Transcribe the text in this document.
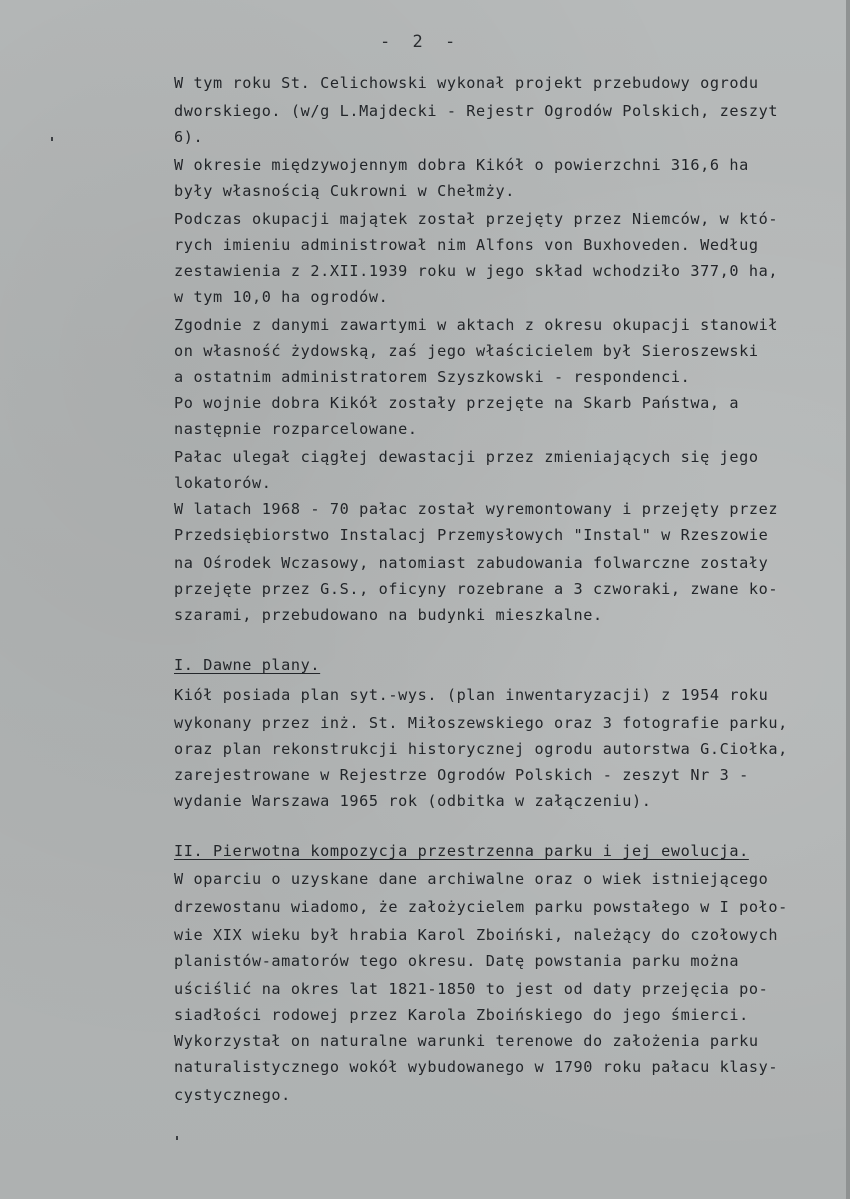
- 2 -
W tym roku St. Celichowski wykonał projekt przebudowy ogrodu
dworskiego. (w/g L.Majdecki - Rejestr Ogrodów Polskich, zeszyt
6).
W okresie międzywojennym dobra Kikół o powierzchni 316,6 ha
były własnością Cukrowni w Chełmży.
Podczas okupacji majątek został przejęty przez Niemców, w któ-
rych imieniu administrował nim Alfons von Buxhoveden. Według
zestawienia z 2.XII.1939 roku w jego skład wchodziło 377,0 ha,
w tym 10,0 ha ogrodów.
Zgodnie z danymi zawartymi w aktach z okresu okupacji stanowił
on własność żydowską, zaś jego właścicielem był Sieroszewski
a ostatnim administratorem Szyszkowski - respondenci.
Po wojnie dobra Kikół zostały przejęte na Skarb Państwa, a
następnie rozparcelowane.
Pałac ulegał ciągłej dewastacji przez zmieniających się jego
lokatorów.
W latach 1968 - 70 pałac został wyremontowany i przejęty przez
Przedsiębiorstwo Instalacj Przemysłowych "Instal" w Rzeszowie
na Ośrodek Wczasowy, natomiast zabudowania folwarczne zostały
przejęte przez G.S., oficyny rozebrane a 3 czworaki, zwane ko-
szarami, przebudowano na budynki mieszkalne.
I. Dawne plany.
Kiół posiada plan syt.-wys. (plan inwentaryzacji) z 1954 roku
wykonany przez inż. St. Miłoszewskiego oraz 3 fotografie parku,
oraz plan rekonstrukcji historycznej ogrodu autorstwa G.Ciołka,
zarejestrowane w Rejestrze Ogrodów Polskich - zeszyt Nr 3 -
wydanie Warszawa 1965 rok (odbitka w załączeniu).
II. Pierwotna kompozycja przestrzenna parku i jej ewolucja.
W oparciu o uzyskane dane archiwalne oraz o wiek istniejącego
drzewostanu wiadomo, że założycielem parku powstałego w I poło-
wie XIX wieku był hrabia Karol Zboiński, należący do czołowych
planistów-amatorów tego okresu. Datę powstania parku można
uściślić na okres lat 1821-1850 to jest od daty przejęcia po-
siadłości rodowej przez Karola Zboińskiego do jego śmierci.
Wykorzystał on naturalne warunki terenowe do założenia parku
naturalistycznego wokół wybudowanego w 1790 roku pałacu klasy-
cystycznego.
